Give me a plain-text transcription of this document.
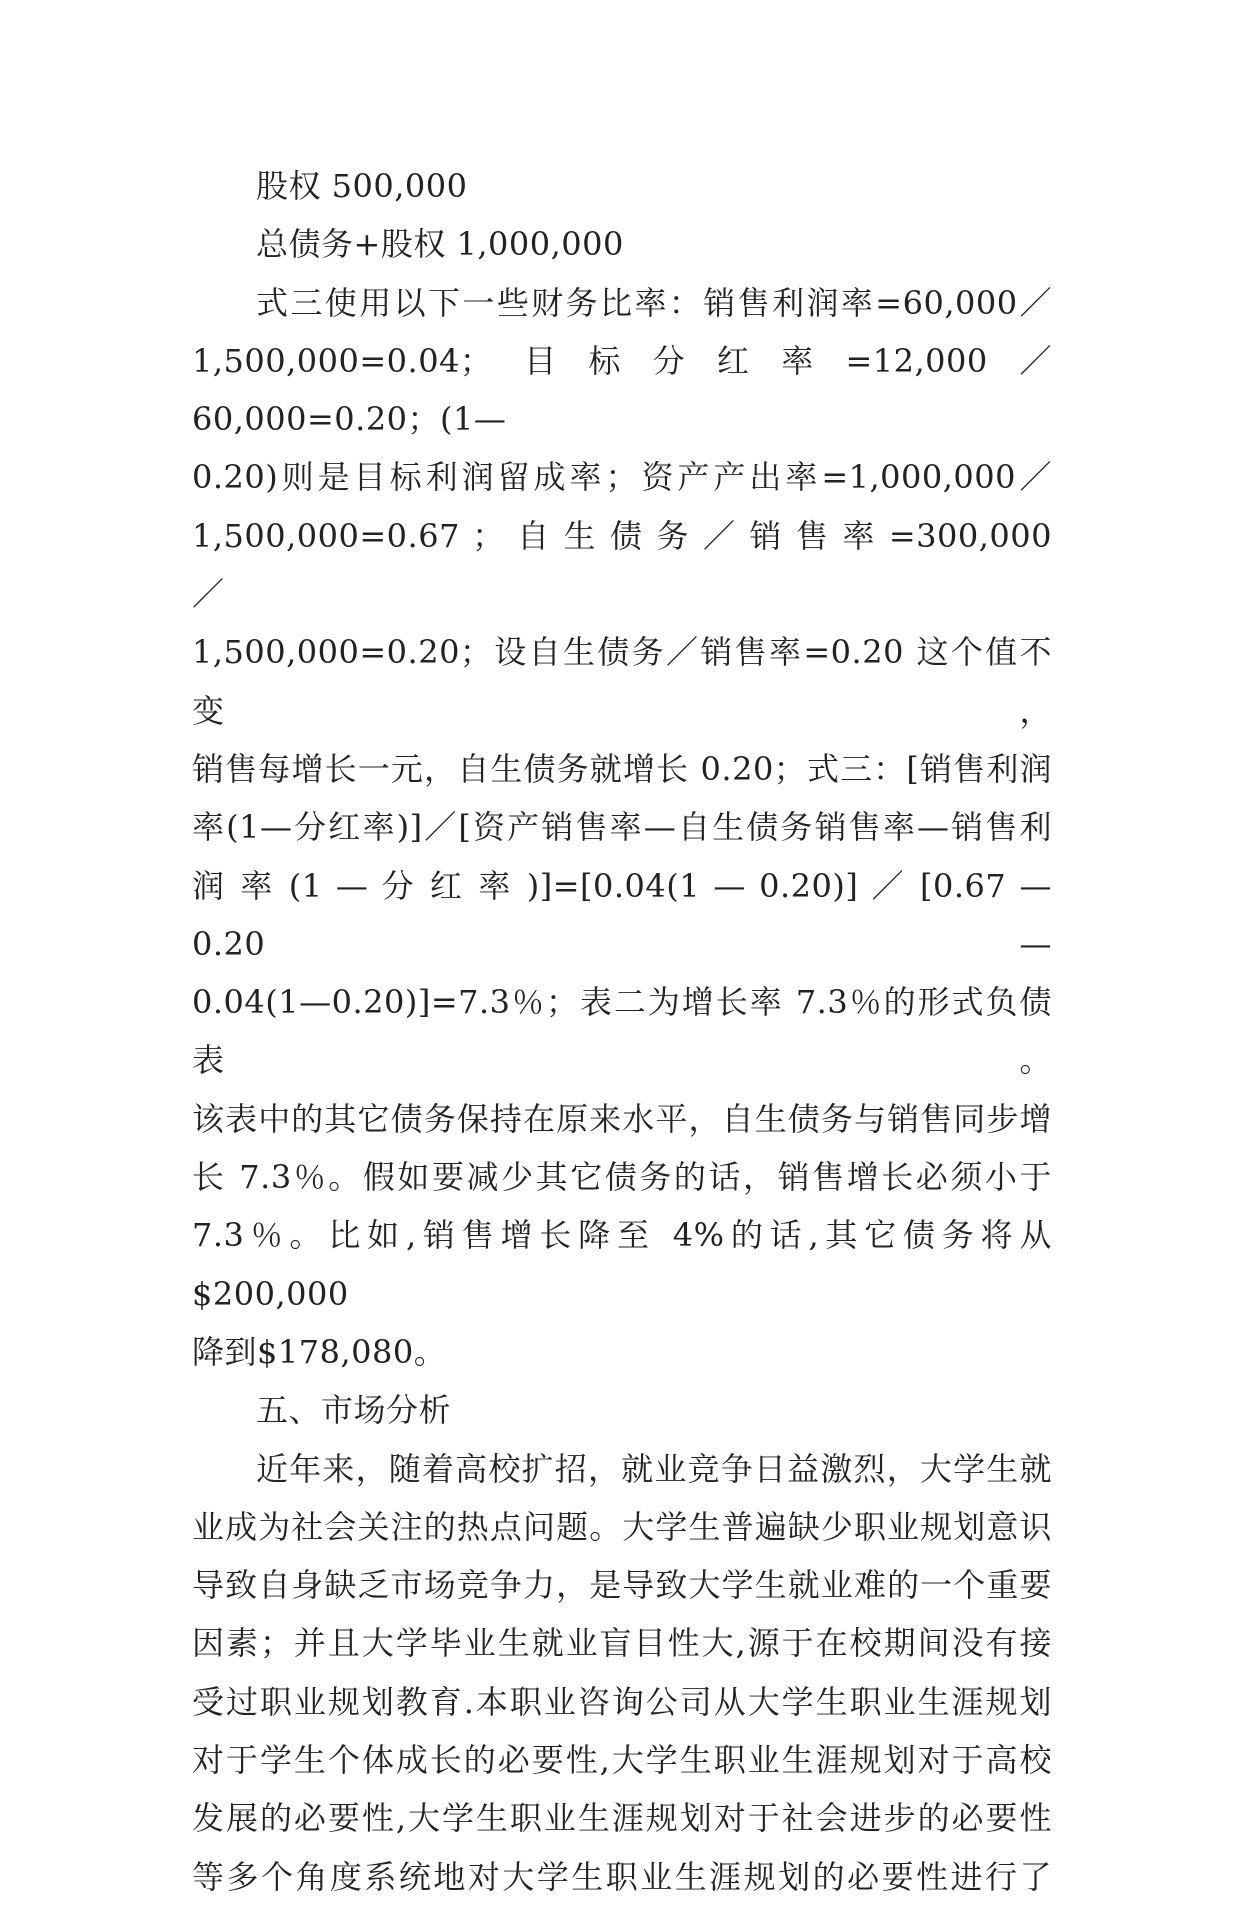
股权 500,000
总债务+股权 1,000,000
式三使用以下一些财务比率：销售利润率=60,000／
1,500,000=0.04；目标分红率=12,000／60,000=0.20；(1—
0.20)则是目标利润留成率；资产产出率=1,000,000／
1,500,000=0.67 ； 自 生 债 务 ／ 销 售 率 =300,000 ／
1,500,000=0.20；设自生债务／销售率=0.20 这个值不变，
销售每增长一元，自生债务就增长 0.20；式三：[销售利润
率(1—分红率)]／[资产销售率—自生债务销售率—销售利
润 率 (1 — 分 红 率 )]=[0.04(1 — 0.20)] ／ [0.67 — 0.20 —
0.04(1—0.20)]=7.3％；表二为增长率 7.3％的形式负债表。
该表中的其它债务保持在原来水平，自生债务与销售同步增
长 7.3％。假如要减少其它债务的话，销售增长必须小于
7.3％。比如,销售增长降至 4%的话,其它债务将从$200,000
降到$178,080。
五、市场分析
近年来，随着高校扩招，就业竞争日益激烈，大学生就
业成为社会关注的热点问题。大学生普遍缺少职业规划意识
导致自身缺乏市场竞争力，是导致大学生就业难的一个重要
因素；并且大学毕业生就业盲目性大,源于在校期间没有接
受过职业规划教育.本职业咨询公司从大学生职业生涯规划
对于学生个体成长的必要性,大学生职业生涯规划对于高校
发展的必要性,大学生职业生涯规划对于社会进步的必要性
等多个角度系统地对大学生职业生涯规划的必要性进行了
